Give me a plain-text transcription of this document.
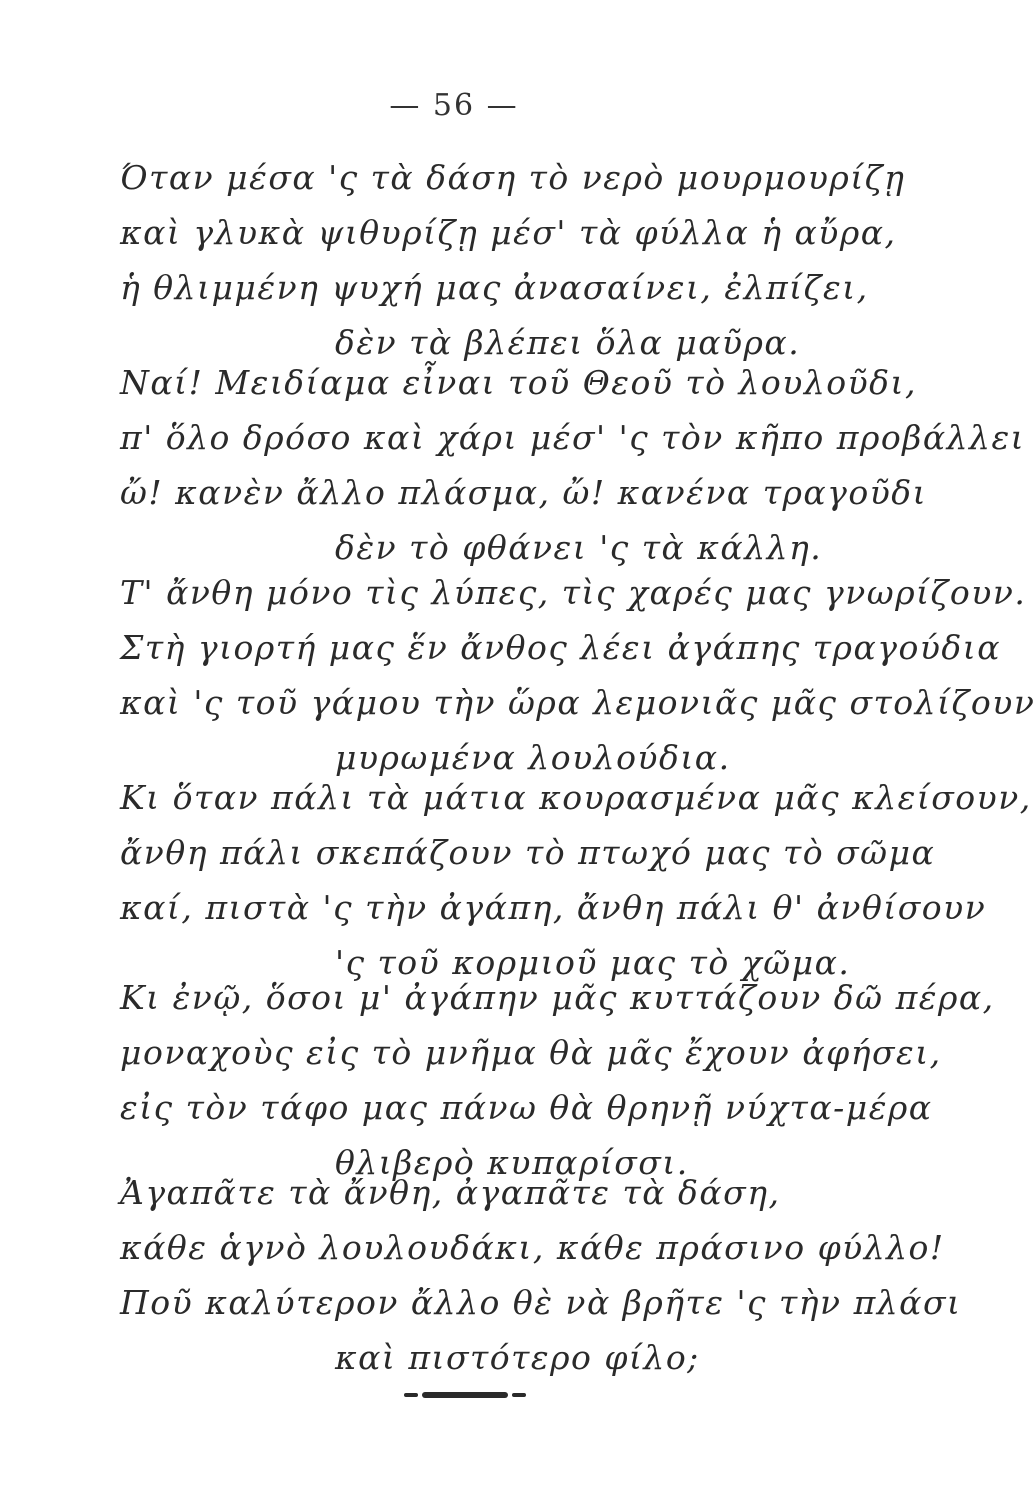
— 56 —
Όταν μέσα 'ς τὰ δάση τὸ νερὸ μουρμουρίζῃ
καὶ γλυκὰ ψιθυρίζῃ μέσ' τὰ φύλλα ἡ αὔρα,
ἡ θλιμμένη ψυχή μας ἀνασαίνει, ἐλπίζει,
δὲν τὰ βλέπει ὅλα μαῦρα.
Ναί! Μειδίαμα εἶναι τοῦ Θεοῦ τὸ λουλοῦδι,
π' ὅλο δρόσο καὶ χάρι μέσ' 'ς τὸν κῆπο προβάλλει
ὤ! κανὲν ἄλλο πλάσμα, ὤ! κανένα τραγοῦδι
δὲν τὸ φθάνει 'ς τὰ κάλλη.
Τ' ἄνθη μόνο τὶς λύπες, τὶς χαρές μας γνωρίζουν.
Στὴ γιορτή μας ἕν ἄνθος λέει ἀγάπης τραγούδια
καὶ 'ς τοῦ γάμου τὴν ὥρα λεμονιᾶς μᾶς στολίζουν
μυρωμένα λουλούδια.
Κι ὅταν πάλι τὰ μάτια κουρασμένα μᾶς κλείσουν,
ἄνθη πάλι σκεπάζουν τὸ πτωχό μας τὸ σῶμα
καί, πιστὰ 'ς τὴν ἀγάπη, ἄνθη πάλι θ' ἀνθίσουν
'ς τοῦ κορμιοῦ μας τὸ χῶμα.
Κι ἐνῷ, ὅσοι μ' ἀγάπην μᾶς κυττάζουν δῶ πέρα,
μοναχοὺς εἰς τὸ μνῆμα θὰ μᾶς ἔχουν ἀφήσει,
εἰς τὸν τάφο μας πάνω θὰ θρηνῇ νύχτα-μέρα
θλιβερὸ κυπαρίσσι.
Ἀγαπᾶτε τὰ ἄνθη, ἀγαπᾶτε τὰ δάση,
κάθε ἁγνὸ λουλουδάκι, κάθε πράσινο φύλλο!
Ποῦ καλύτερον ἄλλο θὲ νὰ βρῆτε 'ς τὴν πλάσι
καὶ πιστότερο φίλο;
